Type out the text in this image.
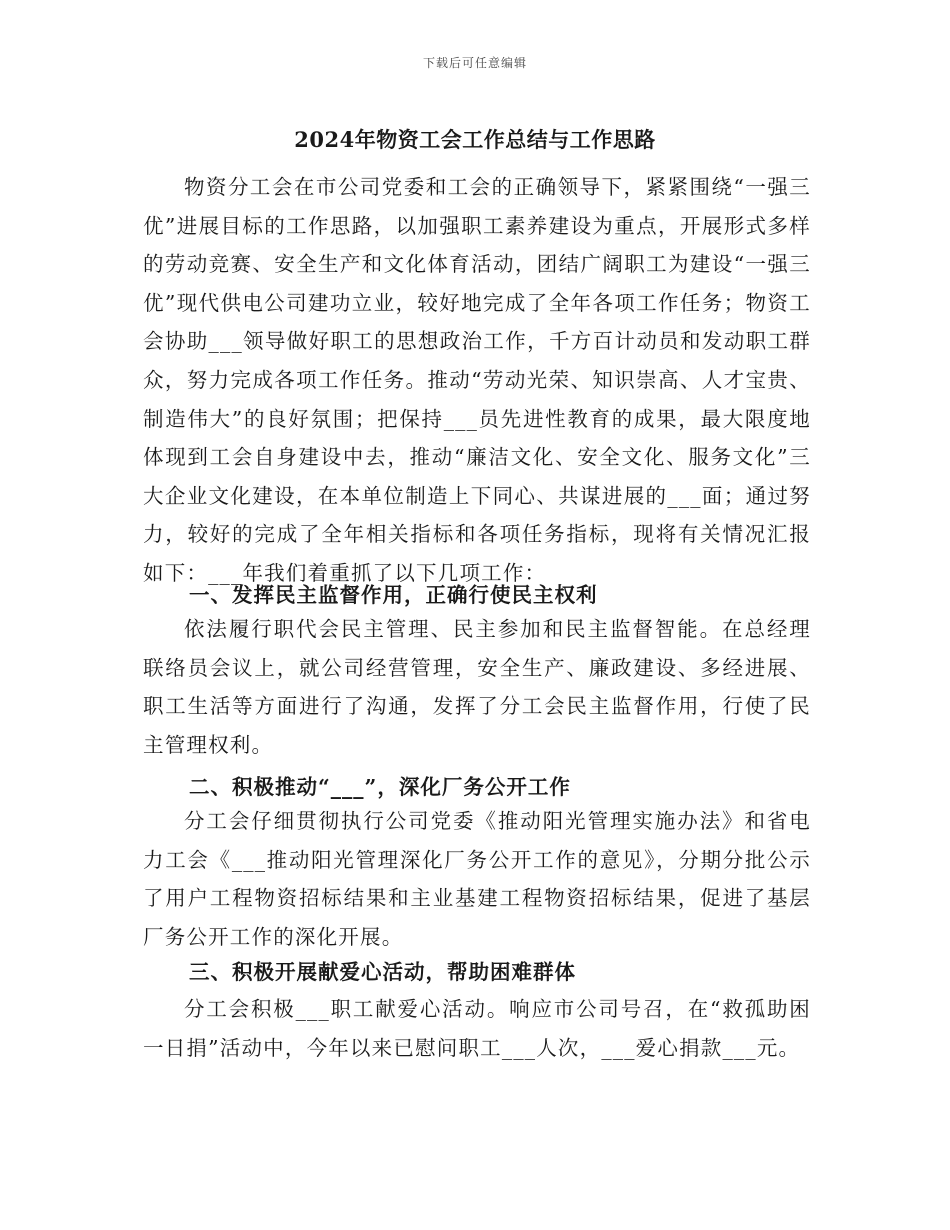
下载后可任意编辑
2024年物资工会工作总结与工作思路

物资分工会在市公司党委和工会的正确领导下，紧紧围绕“一强三优”进展目标的工作思路，以加强职工素养建设为重点，开展形式多样的劳动竞赛、安全生产和文化体育活动，团结广阔职工为建设“一强三优”现代供电公司建功立业，较好地完成了全年各项工作任务；物资工会协助___领导做好职工的思想政治工作，千方百计动员和发动职工群众，努力完成各项工作任务。推动“劳动光荣、知识崇高、人才宝贵、制造伟大”的良好氛围；把保持___员先进性教育的成果，最大限度地体现到工会自身建设中去，推动“廉洁文化、安全文化、服务文化”三大企业文化建设，在本单位制造上下同心、共谋进展的___面；通过努力，较好的完成了全年相关指标和各项任务指标，现将有关情况汇报如下：___年我们着重抓了以下几项工作：

一、发挥民主监督作用，正确行使民主权利

依法履行职代会民主管理、民主参加和民主监督智能。在总经理联络员会议上，就公司经营管理，安全生产、廉政建设、多经进展、职工生活等方面进行了沟通，发挥了分工会民主监督作用，行使了民主管理权利。

二、积极推动“___”，深化厂务公开工作

分工会仔细贯彻执行公司党委《推动阳光管理实施办法》和省电力工会《___推动阳光管理深化厂务公开工作的意见》，分期分批公示了用户工程物资招标结果和主业基建工程物资招标结果，促进了基层厂务公开工作的深化开展。

三、积极开展献爱心活动，帮助困难群体

分工会积极___职工献爱心活动。响应市公司号召，在“救孤助困一日捐”活动中，今年以来已慰问职工___人次，___爱心捐款___元。
